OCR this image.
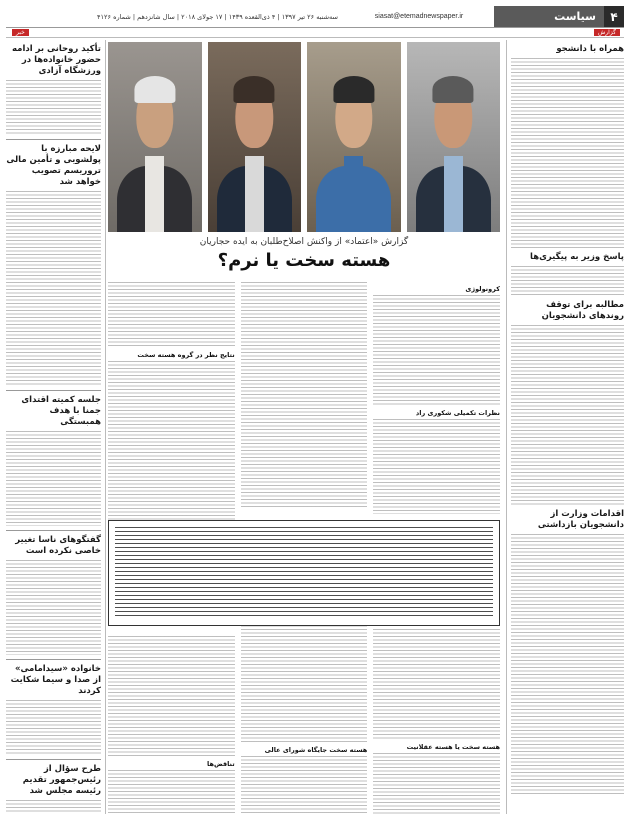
۴
سیاست
siasat@etemadnewspaper.ir
سه‌شنبه ۲۶ تیر ۱۳۹۷ | ۴ ذی‌القعده ۱۴۳۹ | ۱۷ جولای ۲۰۱۸ | سال شانزدهم | شماره ۴۱۲۶
گزارش
خبر
همراه با دانشجو
پاسخ وزیر به پیگیری‌ها
مطالبه برای توقف روندهای دانشجویان
اقدامات وزارت از دانشجویان بازداشتی
تأکید روحانی بر ادامه حضور خانواده‌ها در ورزشگاه آزادی
لایحه مبارزه با پولشویی و تأمین مالی تروریسم تصویب خواهد شد
جلسه کمیته اقتدای جمنا با هدف همبستگی
گفتگوهای ناسا تغییر خاصی نکرده است
خانواده «سیدامامی» از صدا و سیما شکایت کردند
طرح سؤال از رئیس‌جمهور تقدیم رئیسه مجلس شد
گزارش «اعتماد» از واکنش اصلاح‌طلبان به ایده حجاریان
هسته سخت یا نرم؟
کرونولوژی
نظرات تکمیلی شکوری راد
هسته سخت یا هسته عقلانیت
هسته سخت جایگاه شورای عالی
نتایج نظر در گروه هسته سخت
تناقض‌ها
